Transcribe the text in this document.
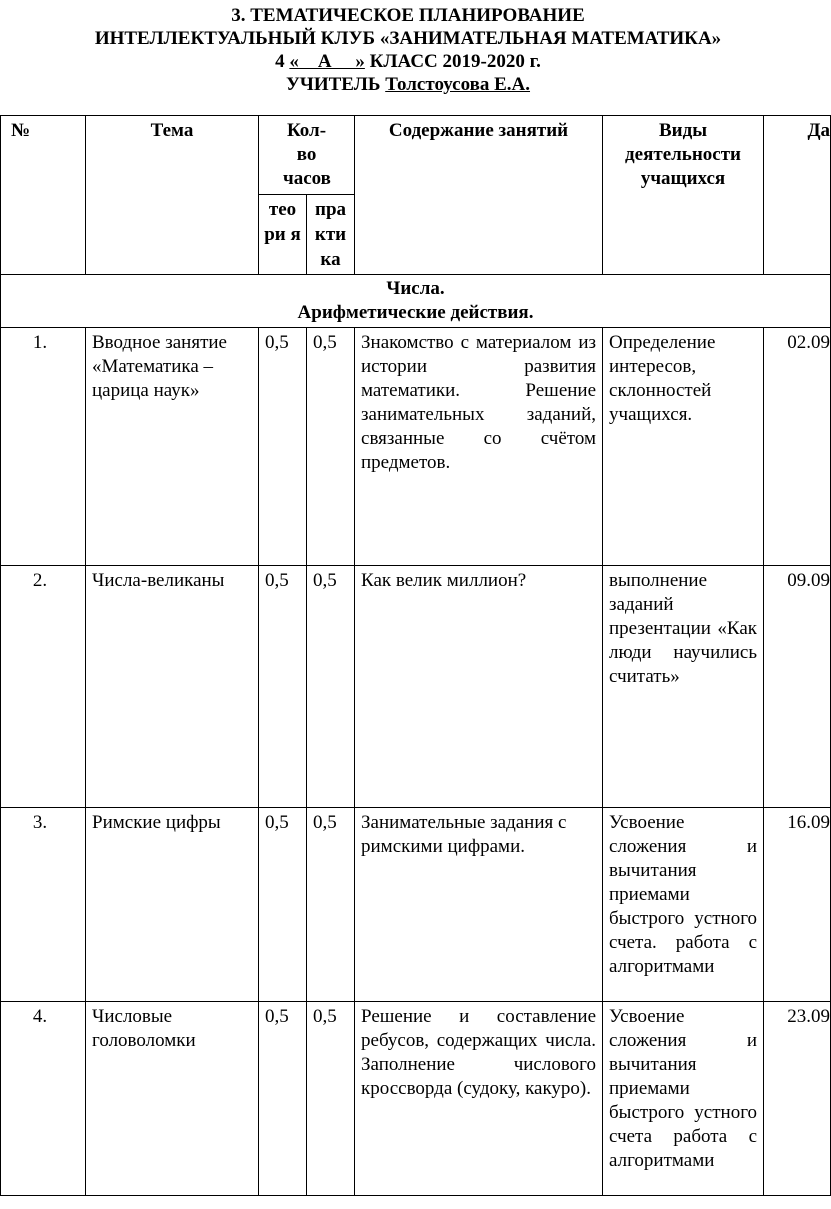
3. ТЕМАТИЧЕСКОЕ ПЛАНИРОВАНИЕ
ИНТЕЛЛЕКТУАЛЬНЫЙ КЛУБ «ЗАНИМАТЕЛЬНАЯ МАТЕМАТИКА»
4 «    А     » КЛАСС 2019-2020 г.
УЧИТЕЛЬ Толстоусова Е.А.
№	Тема	Кол-во часов		Содержание занятий	Виды деятельности учащихся	Да
		тео ри я	пра кти ка			

Числа.
Арифметические действия.						

1.	Вводное занятие «Математика – царица наук»	0,5	0,5	Знакомство с материалом из истории развития математики. Решение занимательных заданий, связанные со счётом предметов.	Определение интересов, склонностей учащихся.	02.09
2.	Числа-великаны	0,5	0,5	Как велик миллион?	выполнение заданий презентации «Как люди научились считать»	09.09
3.	Римские цифры	0,5	0,5	Занимательные задания с римскими цифрами.	Усвоение сложения и вычитания приемами быстрого устного счета. работа с алгоритмами	16.09
4.	Числовые головоломки	0,5	0,5	Решение и составление ребусов, содержащих числа. Заполнение числового кроссворда (судоку, какуро).	Усвоение сложения и вычитания приемами быстрого устного счета работа с алгоритмами	23.09
